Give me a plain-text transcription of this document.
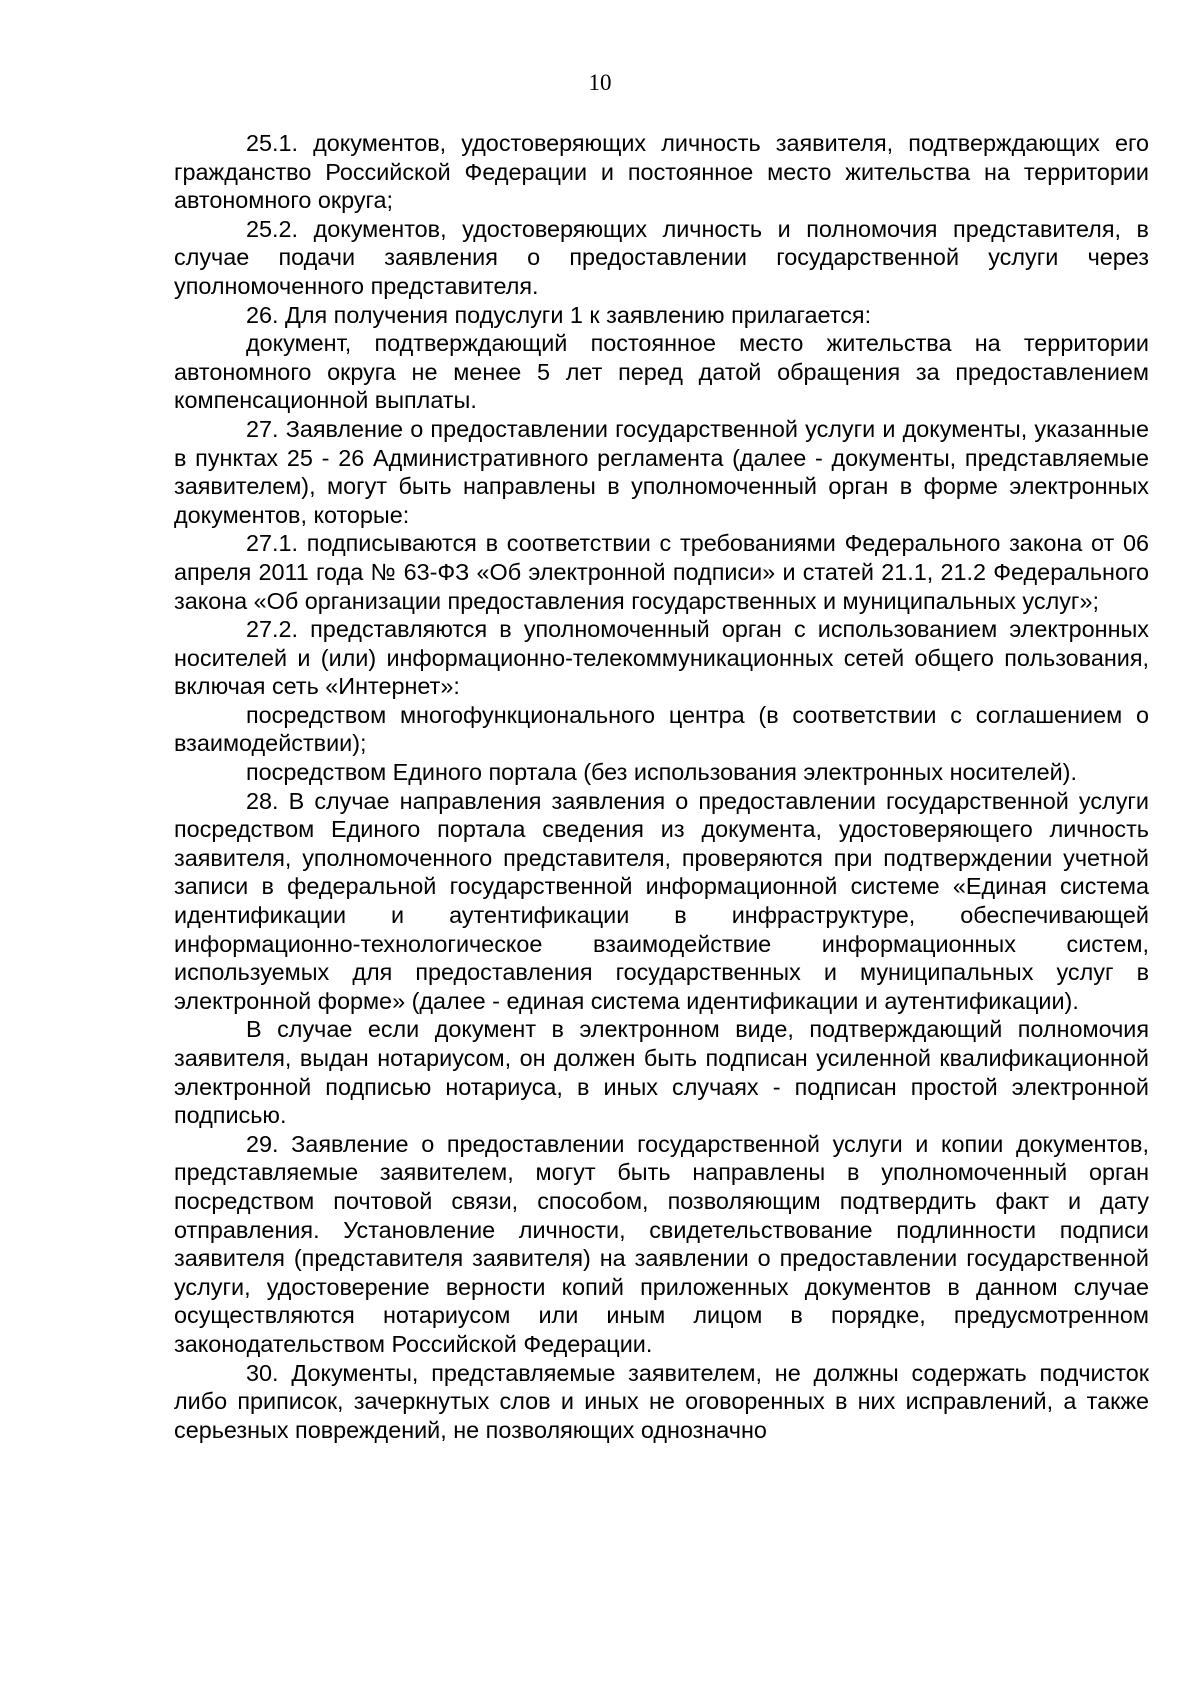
10

25.1. документов, удостоверяющих личность заявителя, подтверждающих его гражданство Российской Федерации и постоянное место жительства на территории автономного округа;

25.2. документов, удостоверяющих личность и полномочия представителя, в случае подачи заявления о предоставлении государственной услуги через уполномоченного представителя.

26. Для получения подуслуги 1 к заявлению прилагается:

документ, подтверждающий постоянное место жительства на территории автономного округа не менее 5 лет перед датой обращения за предоставлением компенсационной выплаты.

27. Заявление о предоставлении государственной услуги и документы, указанные в пунктах 25 - 26 Административного регламента (далее - документы, представляемые заявителем), могут быть направлены в уполномоченный орган в форме электронных документов, которые:

27.1. подписываются в соответствии с требованиями Федерального закона от 06 апреля 2011 года № 63-ФЗ «Об электронной подписи» и статей 21.1, 21.2 Федерального закона «Об организации предоставления государственных и муниципальных услуг»;

27.2. представляются в уполномоченный орган с использованием электронных носителей и (или) информационно-телекоммуникационных сетей общего пользования, включая сеть «Интернет»:

посредством многофункционального центра (в соответствии с соглашением о взаимодействии);

посредством Единого портала (без использования электронных носителей).

28. В случае направления заявления о предоставлении государственной услуги посредством Единого портала сведения из документа, удостоверяющего личность заявителя, уполномоченного представителя, проверяются при подтверждении учетной записи в федеральной государственной информационной системе «Единая система идентификации и аутентификации в инфраструктуре, обеспечивающей информационно-технологическое взаимодействие информационных систем, используемых для предоставления государственных и муниципальных услуг в электронной форме» (далее - единая система идентификации и аутентификации).

В случае если документ в электронном виде, подтверждающий полномочия заявителя, выдан нотариусом, он должен быть подписан усиленной квалификационной электронной подписью нотариуса, в иных случаях - подписан простой электронной подписью.

29. Заявление о предоставлении государственной услуги и копии документов, представляемые заявителем, могут быть направлены в уполномоченный орган посредством почтовой связи, способом, позволяющим подтвердить факт и дату отправления. Установление личности, свидетельствование подлинности подписи заявителя (представителя заявителя) на заявлении о предоставлении государственной услуги, удостоверение верности копий приложенных документов в данном случае осуществляются нотариусом или иным лицом в порядке, предусмотренном законодательством Российской Федерации.

30. Документы, представляемые заявителем, не должны содержать подчисток либо приписок, зачеркнутых слов и иных не оговоренных в них исправлений, а также серьезных повреждений, не позволяющих однозначно
